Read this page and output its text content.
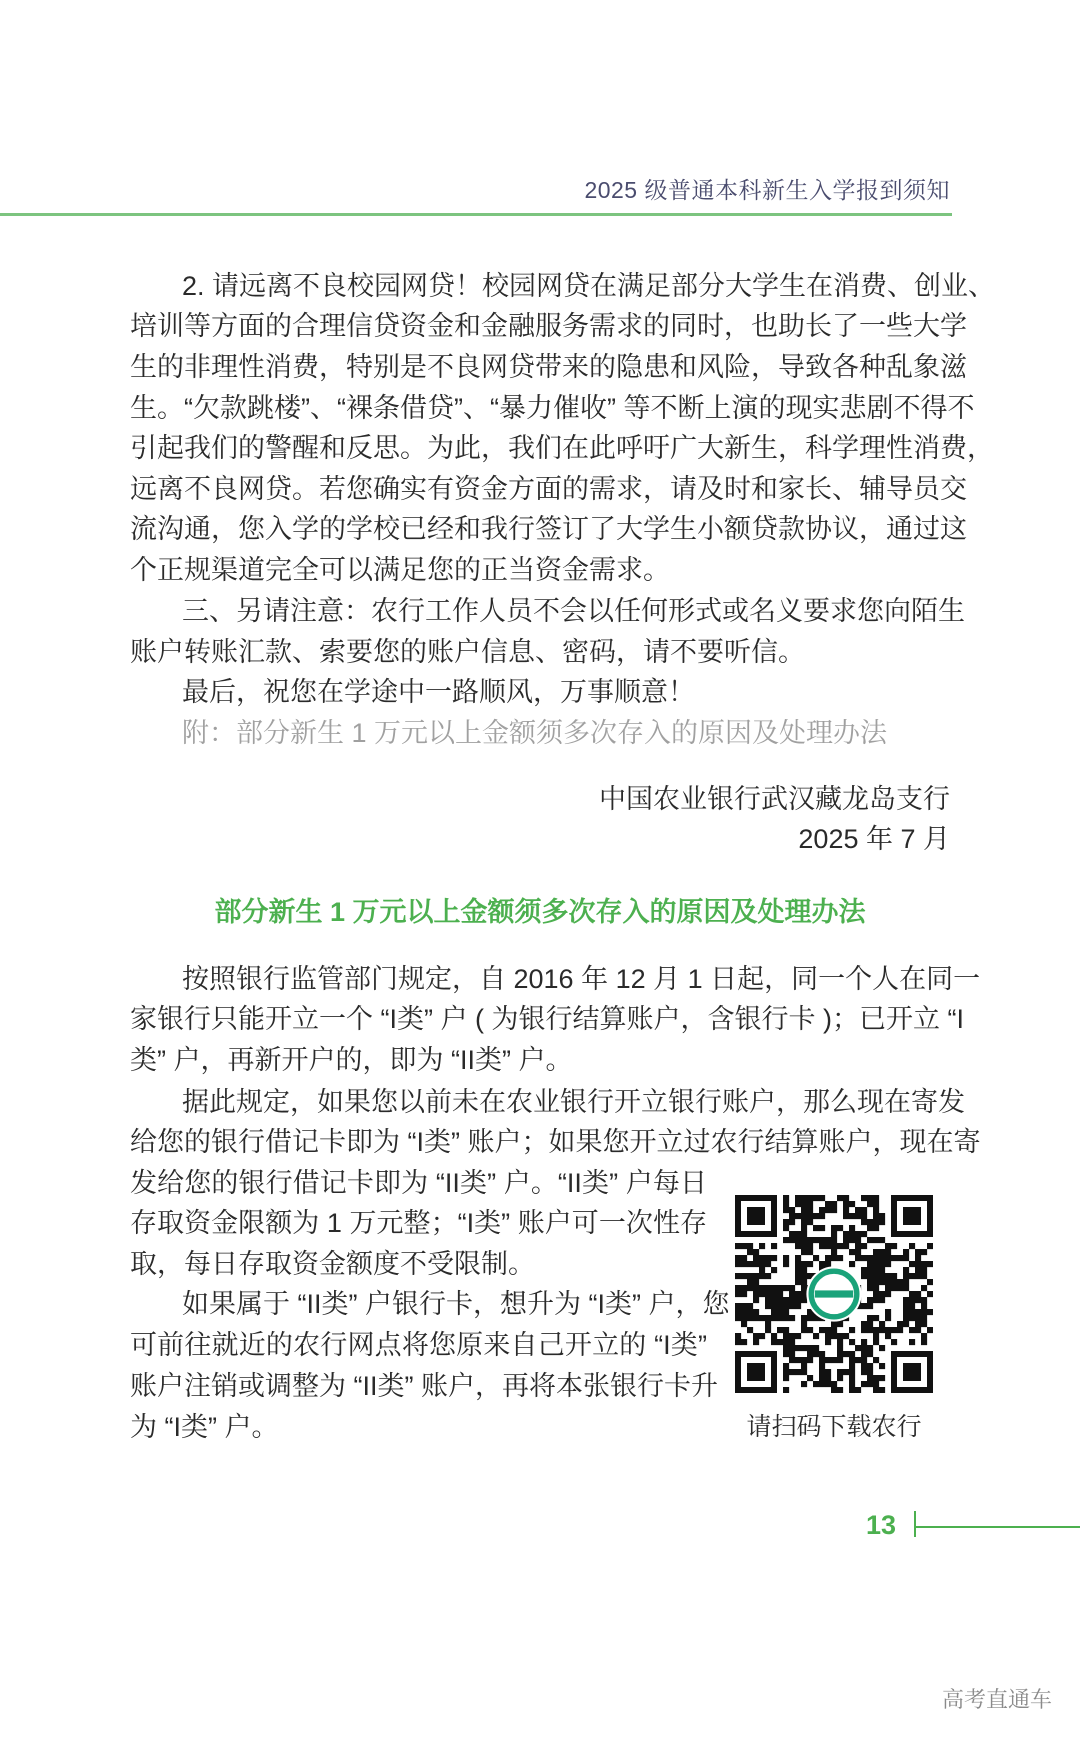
2025 级普通本科新生入学报到须知
2. 请远离不良校园网贷！校园网贷在满足部分大学生在消费、创业、
培训等方面的合理信贷资金和金融服务需求的同时，也助长了一些大学
生的非理性消费，特别是不良网贷带来的隐患和风险，导致各种乱象滋
生。“欠款跳楼”、“裸条借贷”、“暴力催收” 等不断上演的现实悲剧不得不
引起我们的警醒和反思。为此，我们在此呼吁广大新生，科学理性消费，
远离不良网贷。若您确实有资金方面的需求，请及时和家长、辅导员交
流沟通，您入学的学校已经和我行签订了大学生小额贷款协议，通过这
个正规渠道完全可以满足您的正当资金需求。
三、另请注意：农行工作人员不会以任何形式或名义要求您向陌生
账户转账汇款、索要您的账户信息、密码，请不要听信。
最后，祝您在学途中一路顺风，万事顺意！
附：部分新生 1 万元以上金额须多次存入的原因及处理办法
中国农业银行武汉藏龙岛支行
2025 年 7 月
部分新生 1 万元以上金额须多次存入的原因及处理办法
按照银行监管部门规定，自 2016 年 12 月 1 日起，同一个人在同一
家银行只能开立一个 “I类” 户 ( 为银行结算账户，含银行卡 )；已开立 “I
类” 户，再新开户的，即为 “II类” 户。
据此规定，如果您以前未在农业银行开立银行账户，那么现在寄发
给您的银行借记卡即为 “I类” 账户；如果您开立过农行结算账户，现在寄
发给您的银行借记卡即为 “II类” 户。“II类” 户每日
存取资金限额为 1 万元整；“I类” 账户可一次性存
取，每日存取资金额度不受限制。
如果属于 “II类” 户银行卡，想升为 “I类” 户，您
可前往就近的农行网点将您原来自己开立的 “I类”
账户注销或调整为 “II类” 账户，再将本张银行卡升
为 “I类” 户。	请扫码下载农行
13
高考直通车
